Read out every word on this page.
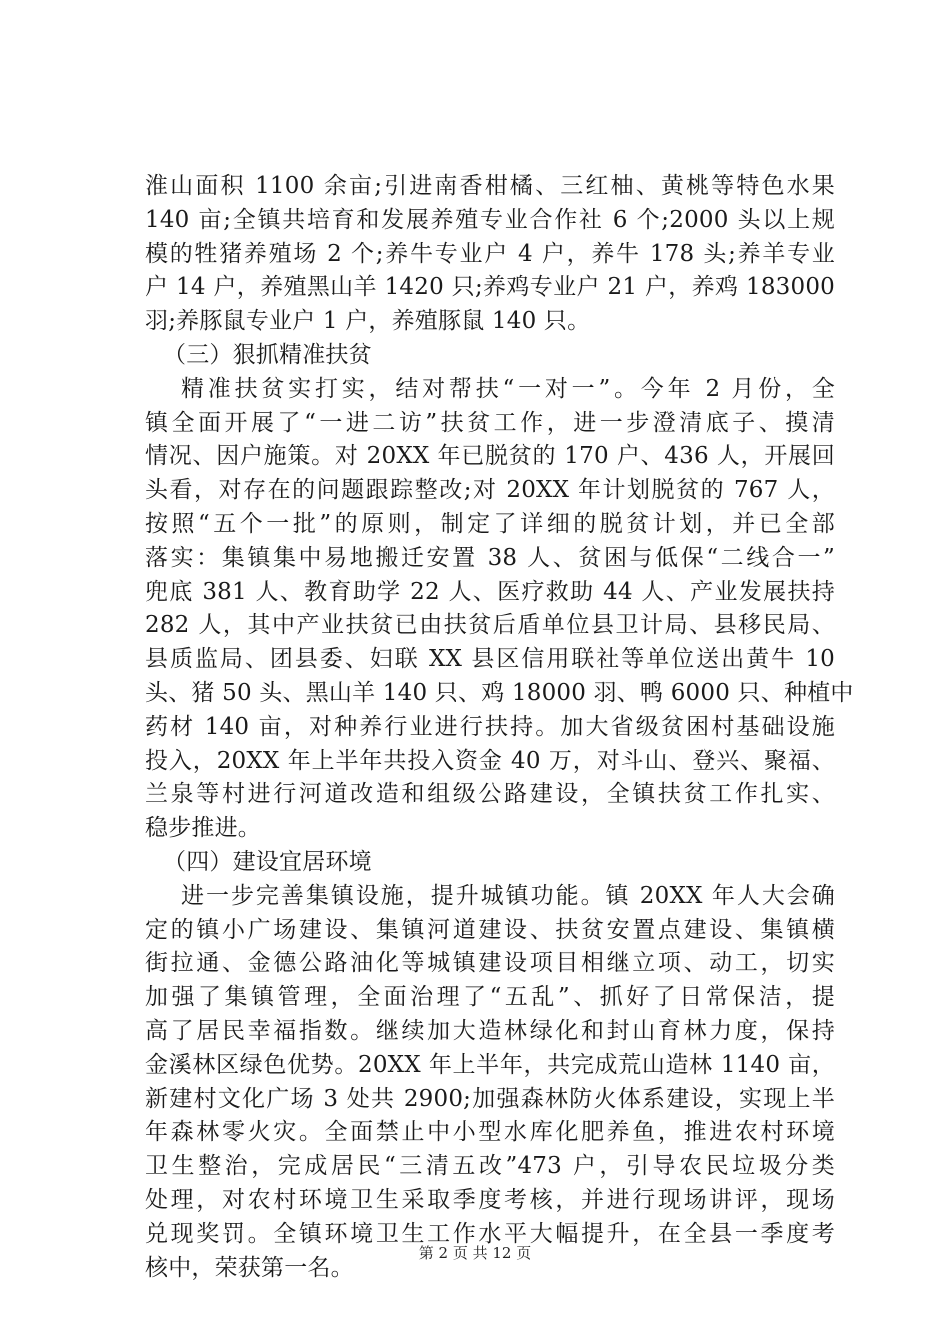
淮山面积 1100 余亩;引进南香柑橘、三红柚、黄桃等特色水果
140 亩;全镇共培育和发展养殖专业合作社 6 个;2000 头以上规
模的牲猪养殖场 2 个;养牛专业户 4 户，养牛 178 头;养羊专业
户 14 户，养殖黑山羊 1420 只;养鸡专业户 21 户，养鸡 183000
羽;养豚鼠专业户 1 户，养殖豚鼠 140 只。
（三）狠抓精准扶贫
精准扶贫实打实，结对帮扶“一对一”。今年 2 月份，全
镇全面开展了“一进二访”扶贫工作，进一步澄清底子、摸清
情况、因户施策。对 20XX 年已脱贫的 170 户、436 人，开展回
头看，对存在的问题跟踪整改;对 20XX 年计划脱贫的 767 人，
按照“五个一批”的原则，制定了详细的脱贫计划，并已全部
落实：集镇集中易地搬迁安置 38 人、贫困与低保“二线合一”
兜底 381 人、教育助学 22 人、医疗救助 44 人、产业发展扶持
282 人，其中产业扶贫已由扶贫后盾单位县卫计局、县移民局、
县质监局、团县委、妇联 XX 县区信用联社等单位送出黄牛 10
头、猪 50 头、黑山羊 140 只、鸡 18000 羽、鸭 6000 只、种植中
药材 140 亩，对种养行业进行扶持。加大省级贫困村基础设施
投入，20XX 年上半年共投入资金 40 万，对斗山、登兴、聚福、
兰泉等村进行河道改造和组级公路建设，全镇扶贫工作扎实、
稳步推进。
（四）建设宜居环境
进一步完善集镇设施，提升城镇功能。镇 20XX 年人大会确
定的镇小广场建设、集镇河道建设、扶贫安置点建设、集镇横
街拉通、金德公路油化等城镇建设项目相继立项、动工，切实
加强了集镇管理，全面治理了“五乱”、抓好了日常保洁，提
高了居民幸福指数。继续加大造林绿化和封山育林力度，保持
金溪林区绿色优势。20XX 年上半年，共完成荒山造林 1140 亩，
新建村文化广场 3 处共 2900;加强森林防火体系建设，实现上半
年森林零火灾。全面禁止中小型水库化肥养鱼，推进农村环境
卫生整治，完成居民“三清五改”473 户，引导农民垃圾分类
处理，对农村环境卫生采取季度考核，并进行现场讲评，现场
兑现奖罚。全镇环境卫生工作水平大幅提升，在全县一季度考
核中，荣获第一名。
第 2 页 共 12 页
